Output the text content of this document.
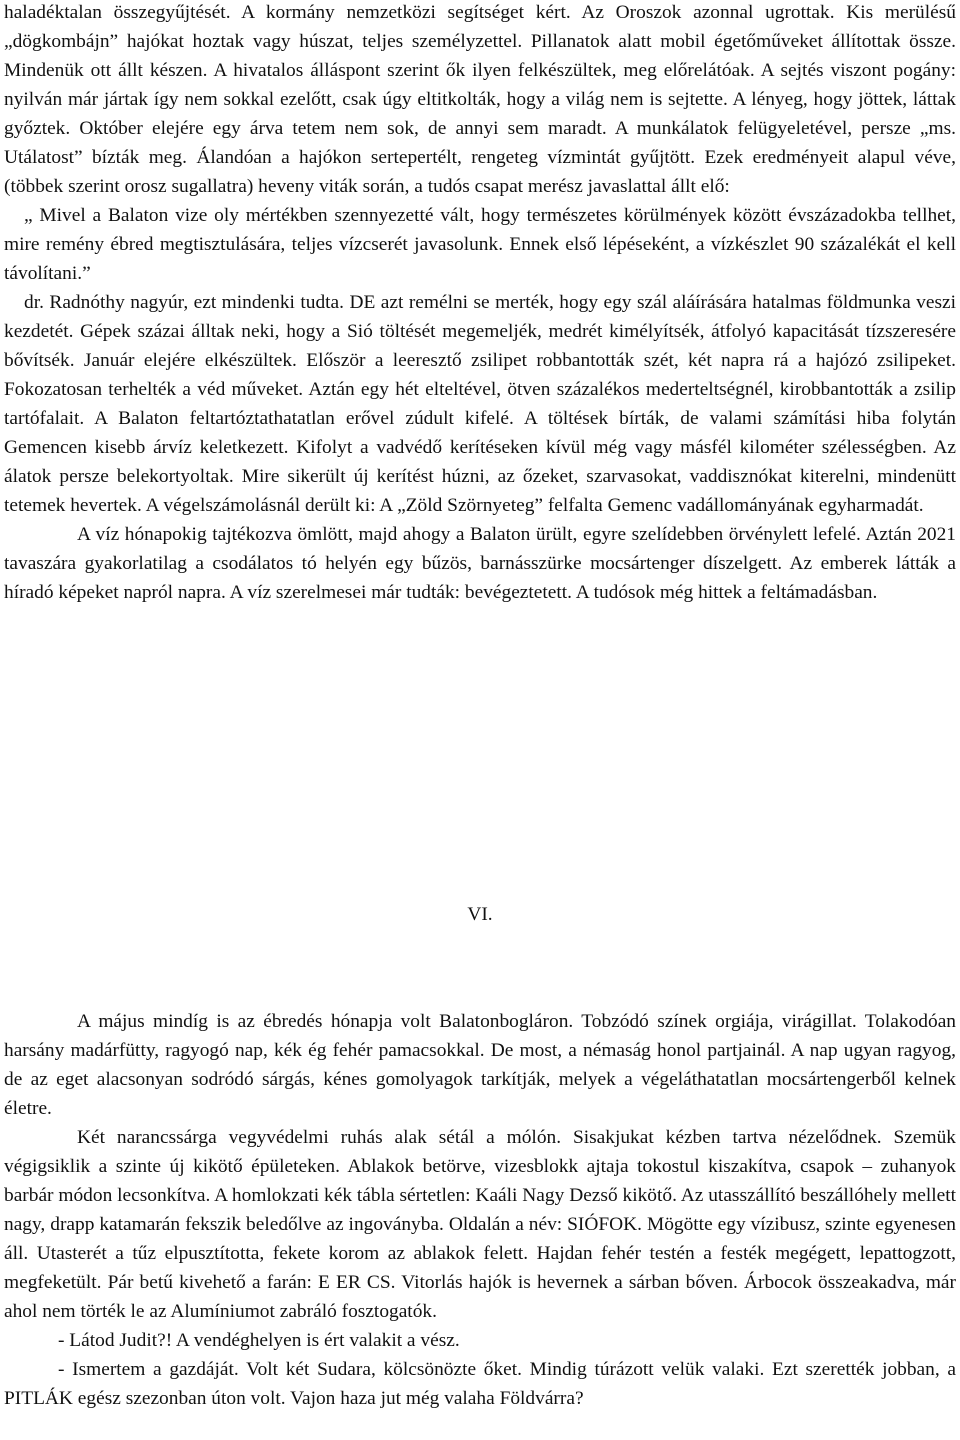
haladéktalan összegyűjtését. A kormány nemzetközi segítséget kért. Az Oroszok azonnal ugrottak. Kis merülésű „dögkombájn” hajókat hoztak vagy húszat, teljes személyzettel. Pillanatok alatt mobil égetőműveket állítottak össze. Mindenük ott állt készen. A hivatalos álláspont szerint ők ilyen felkészültek, meg előrelátóak. A sejtés viszont pogány: nyilván már jártak így nem sokkal ezelőtt, csak úgy eltitkolták, hogy a világ nem is sejtette. A lényeg, hogy jöttek, láttak győztek. Október elejére egy árva tetem nem sok, de annyi sem maradt. A munkálatok felügyeletével, persze „ms. Utálatost” bízták meg. Álandóan a hajókon sertepertélt, rengeteg vízmintát gyűjtött. Ezek eredményeit alapul véve, (többek szerint orosz sugallatra) heveny viták során, a tudós csapat merész javaslattal állt elő:

„ Mivel a Balaton vize oly mértékben szennyezetté vált, hogy természetes körülmények között évszázadokba tellhet, mire remény ébred megtisztulására, teljes vízcserét javasolunk. Ennek első lépéseként, a vízkészlet 90 százalékát el kell távolítani.”

dr. Radnóthy nagyúr, ezt mindenki tudta. DE azt remélni se merték, hogy egy szál aláírására hatalmas földmunka veszi kezdetét. Gépek százai álltak neki, hogy a Sió töltését megemeljék, medrét kimélyítsék, átfolyó kapacitását tízszeresére bővítsék. Január elejére elkészültek. Először a leeresztő zsilipet robbantották szét, két napra rá a hajózó zsilipeket. Fokozatosan terhelték a véd műveket. Aztán egy hét elteltével, ötven százalékos mederteltségnél, kirobbantották a zsilip tartófalait. A Balaton feltartóztathatatlan erővel zúdult kifelé. A töltések bírták, de valami számítási hiba folytán Gemencen kisebb árvíz keletkezett. Kifolyt a vadvédő kerítéseken kívül még vagy másfél kilométer szélességben. Az álatok persze belekortyoltak. Mire sikerült új kerítést húzni, az őzeket, szarvasokat, vaddisznókat kiterelni, mindenütt tetemek hevertek. A végelszámolásnál derült ki: A „Zöld Szörnyeteg” felfalta Gemenc vadállományának egyharmadát.

A víz hónapokig tajtékozva ömlött, majd ahogy a Balaton ürült, egyre szelídebben örvénylett lefelé. Aztán 2021 tavaszára gyakorlatilag a csodálatos tó helyén egy bűzös, barnásszürke mocsártenger díszelgett. Az emberek látták a híradó képeket napról napra. A víz szerelmesei már tudták: bevégeztetett. A tudósok még hittek a feltámadásban.

VI.

A május mindíg is az ébredés hónapja volt Balatonbogláron. Tobzódó színek orgiája, virágillat. Tolakodóan harsány madárfütty, ragyogó nap, kék ég fehér pamacsokkal. De most, a némaság honol partjainál. A nap ugyan ragyog, de az eget alacsonyan sodródó sárgás, kénes gomolyagok tarkítják, melyek a végeláthatatlan mocsártengerből kelnek életre.

Két narancssárga vegyvédelmi ruhás alak sétál a mólón. Sisakjukat kézben tartva nézelődnek. Szemük végigsiklik a szinte új kikötő épületeken. Ablakok betörve, vizesblokk ajtaja tokostul kiszakítva, csapok – zuhanyok barbár módon lecsonkítva. A homlokzati kék tábla sértetlen: Kaáli Nagy Dezső kikötő. Az utasszállító beszállóhely mellett nagy, drapp katamarán fekszik beledőlve az ingoványba. Oldalán a név: SIÓFOK. Mögötte egy vízibusz, szinte egyenesen áll. Utasterét a tűz elpusztította, fekete korom az ablakok felett. Hajdan fehér testén a festék megégett, lepattogzott, megfeketült. Pár betű kivehető a farán: E ER CS. Vitorlás hajók is hevernek a sárban bőven. Árbocok összeakadva, már ahol nem törték le az Alumíniumot zabráló fosztogatók.

- Látod Judit?! A vendéghelyen is ért valakit a vész.

- Ismertem a gazdáját. Volt két Sudara, kölcsönözte őket. Mindig túrázott velük valaki. Ezt szerették jobban, a PITLÁK egész szezonban úton volt. Vajon haza jut még valaha Földvárra?
